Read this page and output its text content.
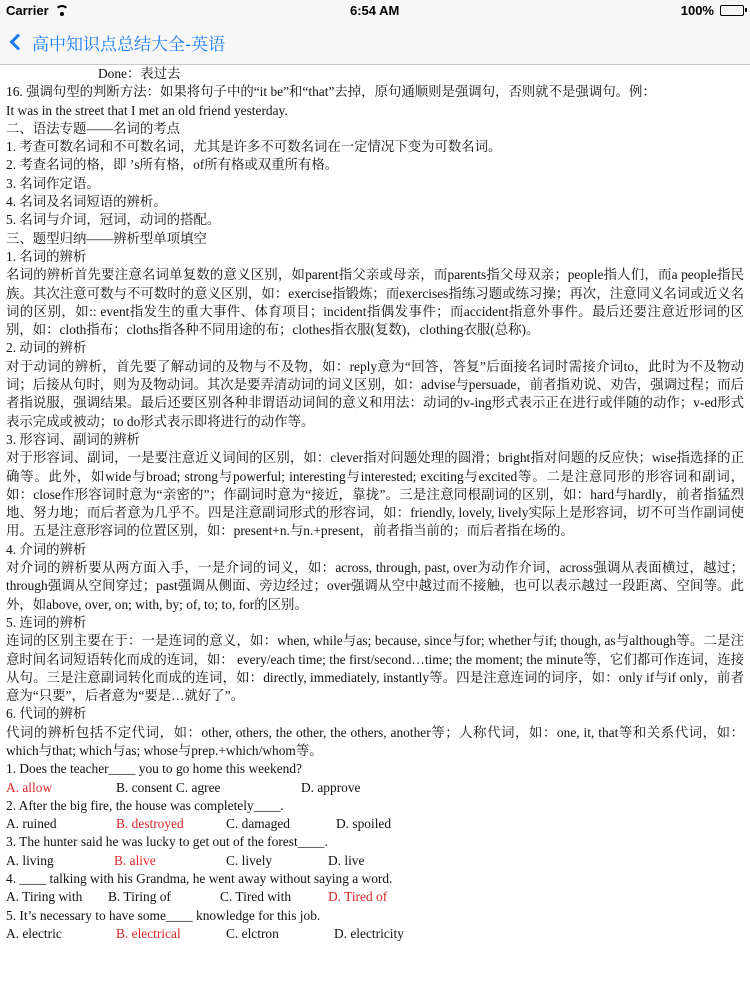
Carrier	6:54 AM	100%
高中知识点总结大全-英语
Done：表过去
16. 强调句型的判断方法：如果将句子中的“it be”和“that”去掉，原句通顺则是强调句，否则就不是强调句。例：
It was in the street that I met an old friend yesterday.
二、语法专题——名词的考点
1. 考查可数名词和不可数名词，尤其是许多不可数名词在一定情况下变为可数名词。
2. 考查名词的格，即 ’s所有格，of所有格或双重所有格。
3. 名词作定语。
4. 名词及名词短语的辨析。
5. 名词与介词，冠词，动词的搭配。
三、题型归纳——辨析型单项填空
1. 名词的辨析
名词的辨析首先要注意名词单复数的意义区别，如parent指父亲或母亲，而parents指父母双亲；people指人们，而a people指民族。其次注意可数与不可数时的意义区别，如：exercise指锻炼；而exercises指练习题或练习操；再次，注意同义名词或近义名词的区别，如:: event指发生的重大事件、体育项目；incident指偶发事件；而accident指意外事件。最后还要注意近形词的区别，如：cloth指布；cloths指各种不同用途的布；clothes指衣服(复数)，clothing衣服(总称)。
2. 动词的辨析
对于动词的辨析，首先要了解动词的及物与不及物，如：reply意为“回答，答复”后面接名词时需接介词to，此时为不及物动词；后接从句时，则为及物动词。其次是要弄清动词的词义区别，如：advise与persuade，前者指劝说、劝告，强调过程；而后者指说服，强调结果。最后还要区别各种非谓语动词间的意义和用法：动词的v-ing形式表示正在进行或伴随的动作；v-ed形式表示完成或被动；to do形式表示即将进行的动作等。
3. 形容词、副词的辨析
对于形容词、副词，一是要注意近义词间的区别，如：clever指对问题处理的圆滑；bright指对问题的反应快；wise指选择的正确等。此外，如wide与broad; strong与powerful; interesting与interested; exciting与excited等。二是注意同形的形容词和副词，如：close作形容词时意为“亲密的”；作副词时意为“接近，靠拢”。三是注意同根副词的区别，如：hard与hardly，前者指猛烈地、努力地；而后者意为几乎不。四是注意副词形式的形容词，如：friendly, lovely, lively实际上是形容词，切不可当作副词使用。五是注意形容词的位置区别，如：present+n.与n.+present，前者指当前的；而后者指在场的。
4. 介词的辨析
对介词的辨析要从两方面入手，一是介词的词义，如：across, through, past, over为动作介词，across强调从表面横过，越过；through强调从空间穿过；past强调从侧面、旁边经过；over强调从空中越过而不接触，也可以表示越过一段距离、空间等。此外，如above, over, on; with, by; of, to; to, for的区别。
5. 连词的辨析
连词的区别主要在于：一是连词的意义，如：when, while与as; because, since与for; whether与if; though, as与although等。二是注意时间名词短语转化而成的连词，如： every/each time; the first/second…time; the moment; the minute等，它们都可作连词，连接从句。三是注意副词转化而成的连词，如：directly, immediately, instantly等。四是注意连词的词序，如：only if与if only，前者意为“只要”，后者意为“要是…就好了”。
6. 代词的辨析
代词的辨析包括不定代词，如：other, others, the other, the others, another等；人称代词，如：one, it, that等和关系代词，如：which与that; which与as; whose与prep.+which/whom等。
1. Does the teacher____ you to go home this weekend?
A. allow	B. consent C. agree	D. approve
2. After the big fire, the house was completely____.
A. ruined	B. destroyed	C. damaged	D. spoiled
3. The hunter said he was lucky to get out of the forest____.
A. living	B. alive	C. lively	D. live
4. ____ talking with his Grandma, he went away without saying a word.
A. Tiring with	B. Tiring of	C. Tired with	D. Tired of
5. It’s necessary to have some____ knowledge for this job.
A. electric	B. electrical	C. elctron	D. electricity
